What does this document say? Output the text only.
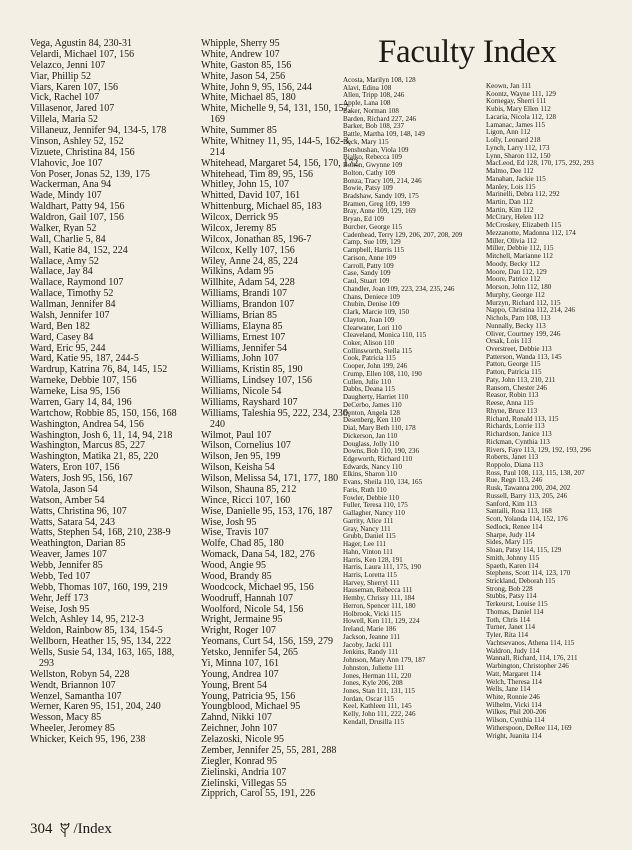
Faculty Index
Vega, Agustin 84, 230-31
Velardi, Michael 107, 156
Velazco, Jenni 107
Viar, Phillip 52
Viars, Karen 107, 156
Vick, Rachel 107
Villasenor, Jared 107
Villela, Maria 52
Villaneuz, Jennifer 94, 134-5, 178
Vinson, Ashley 52, 152
Vizuete, Christina 84, 156
Vlahovic, Joe 107
Von Poser, Jonas 52, 139, 175
Wackerman, Ana 94
Wade, Mindy 107
Waldhart, Patty 94, 156
Waldron, Gail 107, 156
Walker, Ryan 52
Wall, Charlie 5, 84
Wall, Katie 84, 152, 224
Wallace, Amy 52
Wallace, Jay 84
Wallace, Raymond 107
Wallace, Timothy 52
Wallman, Jennifer 84
Walsh, Jennifer 107
Ward, Ben 182
Ward, Casey 84
Ward, Eric 95, 244
Ward, Katie 95, 187, 244-5
Wardrup, Katrina 76, 84, 145, 152
Warneke, Debbie 107, 156
Warneke, Lisa 95, 156
Warren, Gary 14, 84, 196
Wartchow, Robbie 85, 150, 156, 168
Washington, Andrea 54, 156
Washington, Josh 6, 11, 14, 94, 218
Washington, Marcus 85, 227
Washington, Matika 21, 85, 220
Waters, Eron 107, 156
Waters, Josh 95, 156, 167
Watola, Jason 54
Watson, Amber 54
Watts, Christina 96, 107
Watts, Satara 54, 243
Watts, Stephen 54, 168, 210, 238-9
Weathington, Darian 85
Weaver, James 107
Webb, Jennifer 85
Webb, Ted 107
Webb, Thomas 107, 160, 199, 219
Wehr, Jeff 173
Weise, Josh 95
Welch, Ashley 14, 95, 212-3
Weldon, Rainbow 85, 134, 154-5
Wellborn, Heather 15, 95, 134, 222
Wells, Susie 54, 134, 163, 165, 188, 293
Wellston, Robyn 54, 228
Wendt, Briannon 107
Wenzel, Samantha 107
Werner, Karen 95, 151, 204, 240
Wesson, Macy 85
Wheeler, Jeromey 85
Whicker, Keich 95, 196, 238
Whipple, Sherry 95
White, Andrew 107
White, Gaston 85, 156
White, Jason 54, 256
White, John 9, 95, 156, 244
White, Michael 85, 180
White, Michelle 9, 54, 131, 150, 157, 169
White, Summer 85
White, Whitney 11, 95, 144-5, 162-3, 214
Whitehead, Margaret 54, 156, 170, 172
Whitehead, Tim 89, 95, 156
Whitley, John 15, 107
Whitted, David 107, 161
Whittenburg, Michael 85, 183
Wilcox, Derrick 95
Wilcox, Jeremy 85
Wilcox, Jonathan 85, 196-7
Wilcox, Kelly 107, 156
Wiley, Anne 24, 85, 224
Wilkins, Adam 95
Willhite, Adam 54, 228
Williams, Brandi 107
Williams, Brandon 107
Williams, Brian 85
Williams, Elayna 85
Williams, Ernest 107
Williams, Jennifer 54
Williams, John 107
Williams, Kristin 85, 190
Williams, Lindsey 107, 156
Williams, Nicole 54
Williams, Rayshard 107
Williams, Taleshia 95, 222, 234, 236, 240
Wilmot, Paul 107
Wilson, Cornelius 107
Wilson, Jen 95, 199
Wilson, Keisha 54
Wilson, Melissa 54, 171, 177, 180
Wilson, Shauna 85, 212
Wince, Ricci 107, 160
Wise, Danielle 95, 153, 176, 187
Wise, Josh 95
Wise, Travis 107
Wolfe, Chad 85, 180
Womack, Dana 54, 182, 276
Wood, Angie 95
Wood, Brandy 85
Woodcock, Michael 95, 156
Woodruff, Hannah 107
Woolford, Nicole 54, 156
Wright, Jermaine 95
Wright, Roger 107
Yeomans, Curt 54, 156, 159, 279
Yetsko, Jennifer 54, 265
Yi, Minna 107, 161
Young, Andrea 107
Young, Brent 54
Young, Patricia 95, 156
Youngblood, Michael 95
Zahnd, Nikki 107
Zeichner, John 107
Zelazoski, Nicole 95
Zember, Jennifer 25, 55, 281, 288
Ziegler, Konrad 95
Zielinski, Andria 107
Zielinski, Villegas 55
Zipprich, Carol 55, 191, 226
Acosta, Marilyn 108, 128
Alavi, Edina 108
Allen, Tripp 108, 246
Apple, Lana 108
Baker, Norman 108
Barden, Richard 227, 246
Barker, Bob 108, 237
Battle, Martha 109, 148, 149
Beck, Mary 115
Benshushan, Viola 109
Bialko, Rebecca 109
Bolton, Gwynne 109
Bolton, Cathy 109
Bonza, Tracy 109, 214, 246
Bowie, Patsy 109
Bradshaw, Sandy 109, 175
Bramen, Greg 109, 199
Bray, Anne 109, 129, 169
Bryan, Ed 109
Burcher, George 115
Cadenhead, Terry 129, 206, 207, 208, 209
Camp, Sue 109, 129
Campbell, Harris 115
Carison, Anne 109
Carroll, Patty 109
Case, Sandy 109
Caul, Stuart 109
Chandler, Joan 109, 223, 234, 235, 246
Chans, Deniece 109
Chubin, Denise 109
Clark, Marcie 109, 150
Clayton, Joan 109
Clearwater, Lori 110
Cleaveland, Monica 110, 115
Coker, Alison 110
Collinsworth, Stella 115
Cook, Patricia 115
Cooper, John 199, 246
Crump, Ellen 108, 110, 190
Cullen, Julie 110
Dabbs, Deana 115
Daugherty, Harriet 110
DeCerbo, James 110
Denton, Angela 128
Desenberg, Ken 110
Dial, Mary Beth 110, 178
Dickerson, Jan 110
Douglass, Jolly 110
Downs, Bob 110, 190, 236
Edgeworth, Richard 110
Edwards, Nancy 110
Elkins, Sharon 110
Evans, Sheila 110, 134, 165
Faris, Ruth 110
Fowler, Debbie 110
Fuller, Teresa 110, 175
Gallagher, Nancy 110
Garrity, Alice 111
Gray, Nancy 111
Grubb, Daniel 115
Hager, Lee 111
Hahn, Vinton 111
Harris, Ken 128, 191
Harris, Laura 111, 175, 190
Harris, Loretta 115
Harvey, Sherryl 111
Hauseman, Rebecca 111
Hemby, Chrissy 111, 184
Herron, Spencer 111, 180
Holbrook, Vicki 115
Howell, Ken 111, 129, 224
Ireland, Marie 186
Jackson, Jeanne 111
Jacoby, Jacki 111
Jenkins, Randy 111
Johnson, Mary Ann 179, 187
Johnston, Juliette 111
Jones, Herman 111, 220
Jones, Kyle 206, 208
Jones, Stan 111, 131, 115
Jordan, Oscar 115
Keel, Kathleen 111, 145
Kelly, John 111, 222, 246
Kendall, Drusilla 115
Keown, Jan 111
Koontz, Wayne 111, 129
Kornegay, Sherri 111
Kubis, Mary Ellen 112
Lacaria, Nicola 112, 128
Lamanac, James 115
Ligon, Ann 112
Lolly, Leonard 218
Lynch, Larry 112, 173
Lynn, Sharon 112, 150
MacLeod, Ed 128, 170, 175, 292, 293
Malmo, Dee 112
Manahan, Jackie 115
Manley, Lois 115
Marinelli, Debra 112, 292
Martin, Dan 112
Martin, Kim 112
McCrary, Helen 112
McCroskey, Elizabeth 115
Mezzanotte, Madonna 112, 174
Miller, Olivia 112
Miller, Debbie 112, 115
Mitchell, Marianne 112
Moody, Becky 112
Moore, Dan 112, 129
Moore, Patrice 112
Morson, John 112, 180
Murphy, George 112
Murzyn, Richard 112, 115
Nappo, Christina 112, 214, 246
Nichols, Pam 108, 113
Nunnally, Becky 113
Oliver, Courtney 199, 246
Orsak, Lois 113
Overstreet, Debbie 113
Patterson, Wanda 113, 145
Patton, George 115
Patton, Patricia 115
Paty, John 113, 210, 211
Ransom, Chester 246
Reasor, Robin 113
Reese, Anna 115
Rhyne, Bruce 113
Richard, Ronald 113, 115
Richards, Lorrie 113
Richardson, Janice 113
Rickman, Cynthia 113
Rivers, Faye 113, 129, 192, 193, 296
Roberts, Janet 113
Roppolo, Diana 113
Ross, Paul 108, 113, 115, 138, 207
Rue, Regn 113, 246
Rusk, Tawanna 200, 204, 202
Russell, Barry 113, 205, 246
Sanford, Kim 113
Santaili, Rosa 113, 168
Scott, Yolanda 114, 152, 176
Sedlock, Renee 114
Sharpe, Judy 114
Sides, Mary 115
Sloan, Patsy 114, 115, 129
Smith, Johnny 115
Spaeth, Karen 114
Stephens, Scott 114, 123, 170
Strickland, Deborah 115
Strong, Bob 228
Stubbs, Patsy 114
Terkeurst, Louise 115
Thomas, Daniel 114
Toth, Chris 114
Turner, Janet 114
Tyler, Rita 114
Vachtsevanos, Athena 114, 115
Waldron, Judy 114
Wannall, Richard, 114, 176, 211
Warbington, Christopher 246
Watt, Margaret 114
Welch, Theresa 114
Wells, Jane 114
White, Ronnie 246
Wilhelm, Vicki 114
Wilkes, Phil 200-206
Wilson, Cynthia 114
Witherspoon, DeRee 114, 169
Wright, Juanita 114
304 /Index
